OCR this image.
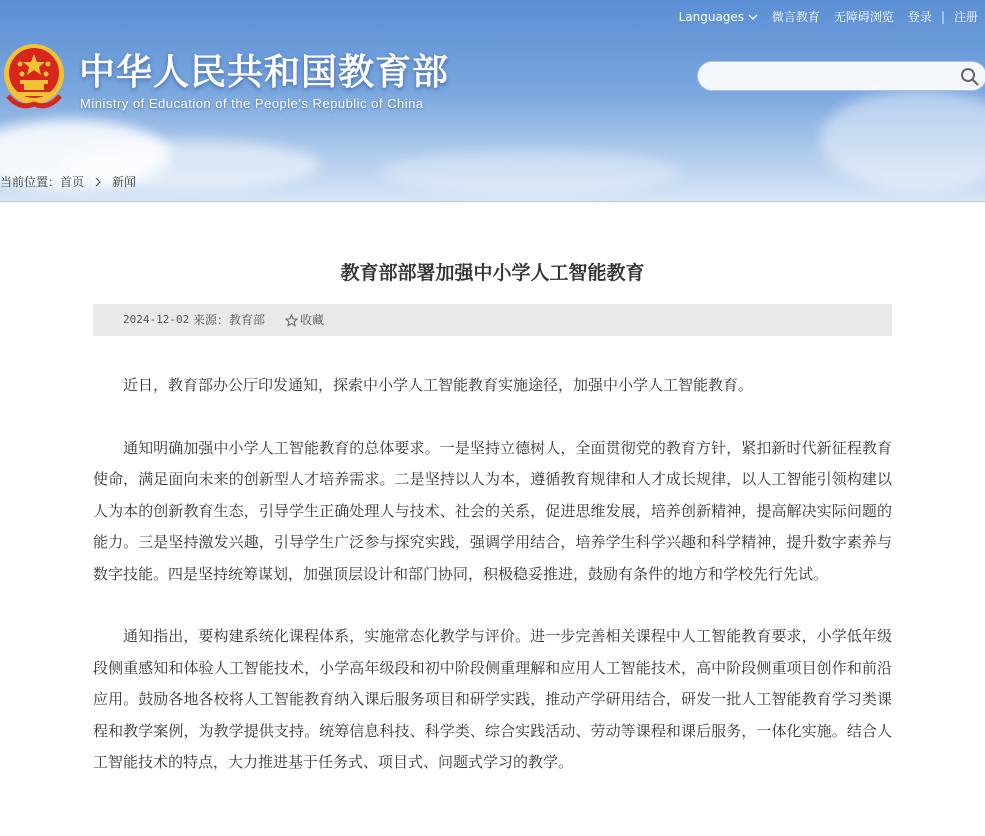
Languages	微言教育 无障碍浏览 登录 | 注册
中华人民共和国教育部
Ministry of Education of the People's Republic of China
当前位置：首页 新闻
教育部部署加强中小学人工智能教育
2024-12-02 来源：教育部	收藏

近日，教育部办公厅印发通知，探索中小学人工智能教育实施途径，加强中小学人工智能教育。

通知明确加强中小学人工智能教育的总体要求。一是坚持立德树人，全面贯彻党的教育方针，紧扣新时代新征程教育使命，满足面向未来的创新型人才培养需求。二是坚持以人为本，遵循教育规律和人才成长规律，以人工智能引领构建以人为本的创新教育生态，引导学生正确处理人与技术、社会的关系，促进思维发展，培养创新精神，提高解决实际问题的能力。三是坚持激发兴趣，引导学生广泛参与探究实践，强调学用结合，培养学生科学兴趣和科学精神，提升数字素养与数字技能。四是坚持统筹谋划，加强顶层设计和部门协同，积极稳妥推进，鼓励有条件的地方和学校先行先试。

通知指出，要构建系统化课程体系，实施常态化教学与评价。进一步完善相关课程中人工智能教育要求，小学低年级段侧重感知和体验人工智能技术，小学高年级段和初中阶段侧重理解和应用人工智能技术，高中阶段侧重项目创作和前沿应用。鼓励各地各校将人工智能教育纳入课后服务项目和研学实践，推动产学研用结合，研发一批人工智能教育学习类课程和教学案例，为教学提供支持。统筹信息科技、科学类、综合实践活动、劳动等课程和课后服务，一体化实施。结合人工智能技术的特点，大力推进基于任务式、项目式、问题式学习的教学。
